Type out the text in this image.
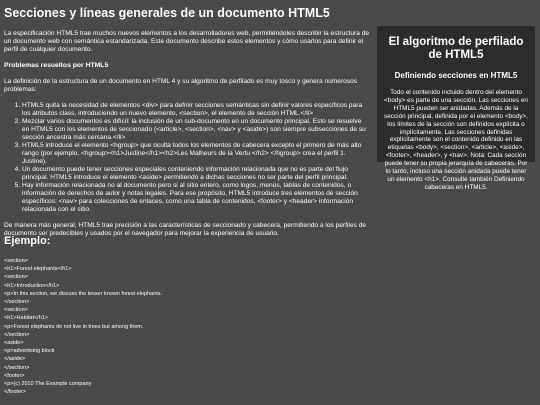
Secciones y líneas generales de un documento HTML5

La especificación HTML5 trae muchos nuevos elementos a los desarrolladores web, permitiéndoles describir la estructura de un documento web con semántica estandarizada. Este documento describe estos elementos y cómo usarlos para definir el perfil de cualquier documento.

Problemas resueltos por HTML5

La definición de la estructura de un documento en HTML 4 y su algoritmo de perfilado es muy tosco y genera numerosos problemas:

1. HTML5 quita la necesidad de elementos <div> para definir secciones semánticas sin definir valores específicos para los atributos class, introduciendo un nuevo elemento, <section>, el elemento de sección HTML.</li>
2. Mezclar varios documentos es difícil: la inclusión de un sub-documento en un documento principal. Esto se resuelve en HTML5 con los elementos de seccionado (<article>, <section>, <nav> y <aside>) son siempre subsecciones de su sección ancestra más cercana.</li>
3. HTML5 introduce el elemento <hgroup> que oculta todos los elementos de cabecera excepto el primero de más alto rango (por ejemplo, <hgroup><h1>Justine</h1><h2>Les Malheurs de la Vertu </h2> </hgroup> crea el perfil 1. Justine).
4. Un documento puede tener secciones especiales conteniendo información relacionada que no es parte del flujo principal. HTML5 introduce el elemento <aside> permitiendo a dichas secciones no ser parte del perfil principal.
5. Hay información relacionada no al documento pero si al sitio entero, como logos, menús, tablas de contenidos, o información de derechos de autor y notas legales. Para ese propósito, HTML5 introduce tres elementos de sección específicos: <nav> para colecciones de enlaces, como una tabla de contenidos, <footer> y <header> información relacionada con el sitio.

De manera más general, HTML5 trae precisión a las características de seccionado y cabecera, permitiendo a los perfiles de documento ser predecibles y usados por el navegador para mejorar la experiencia de usuario.

El algoritmo de perfilado de HTML5
Definiendo secciones en HTML5

Todo el contenido incluido dentro del elemento <body> es parte de una sección. Las secciones en HTML5 pueden ser anidadas. Además de la sección principal, definida por el elemento <body>, los límites de la sección son definidos explícita o implícitamente. Las secciones definidas explícitamente son el contenido definido en las etiquetas <body>, <section>, <article>, <aside>, <footer>, <header>, y <nav>. Nota: Cada sección puede tener su propia jerarquía de cabeceras. Por lo tanto, incluso una sección anidada puede tener un elemento <h1>. Consulte también Definiendo cabeceras en HTML5.

Ejemplo:
<section>
<h1>Forest elephants</h1>
<section>
<h1>Introduction</h1>
<p>In this section, we discuss the lesser known forest elephants.
</section>
<section>
<h1>Habitat</h1>
<p>Forest elephants do not live in trees but among them.
</section>
<aside>
<p>advertising block
</aside>
</section>
<footer>
<p>(c) 2010 The Example company
</footer>
